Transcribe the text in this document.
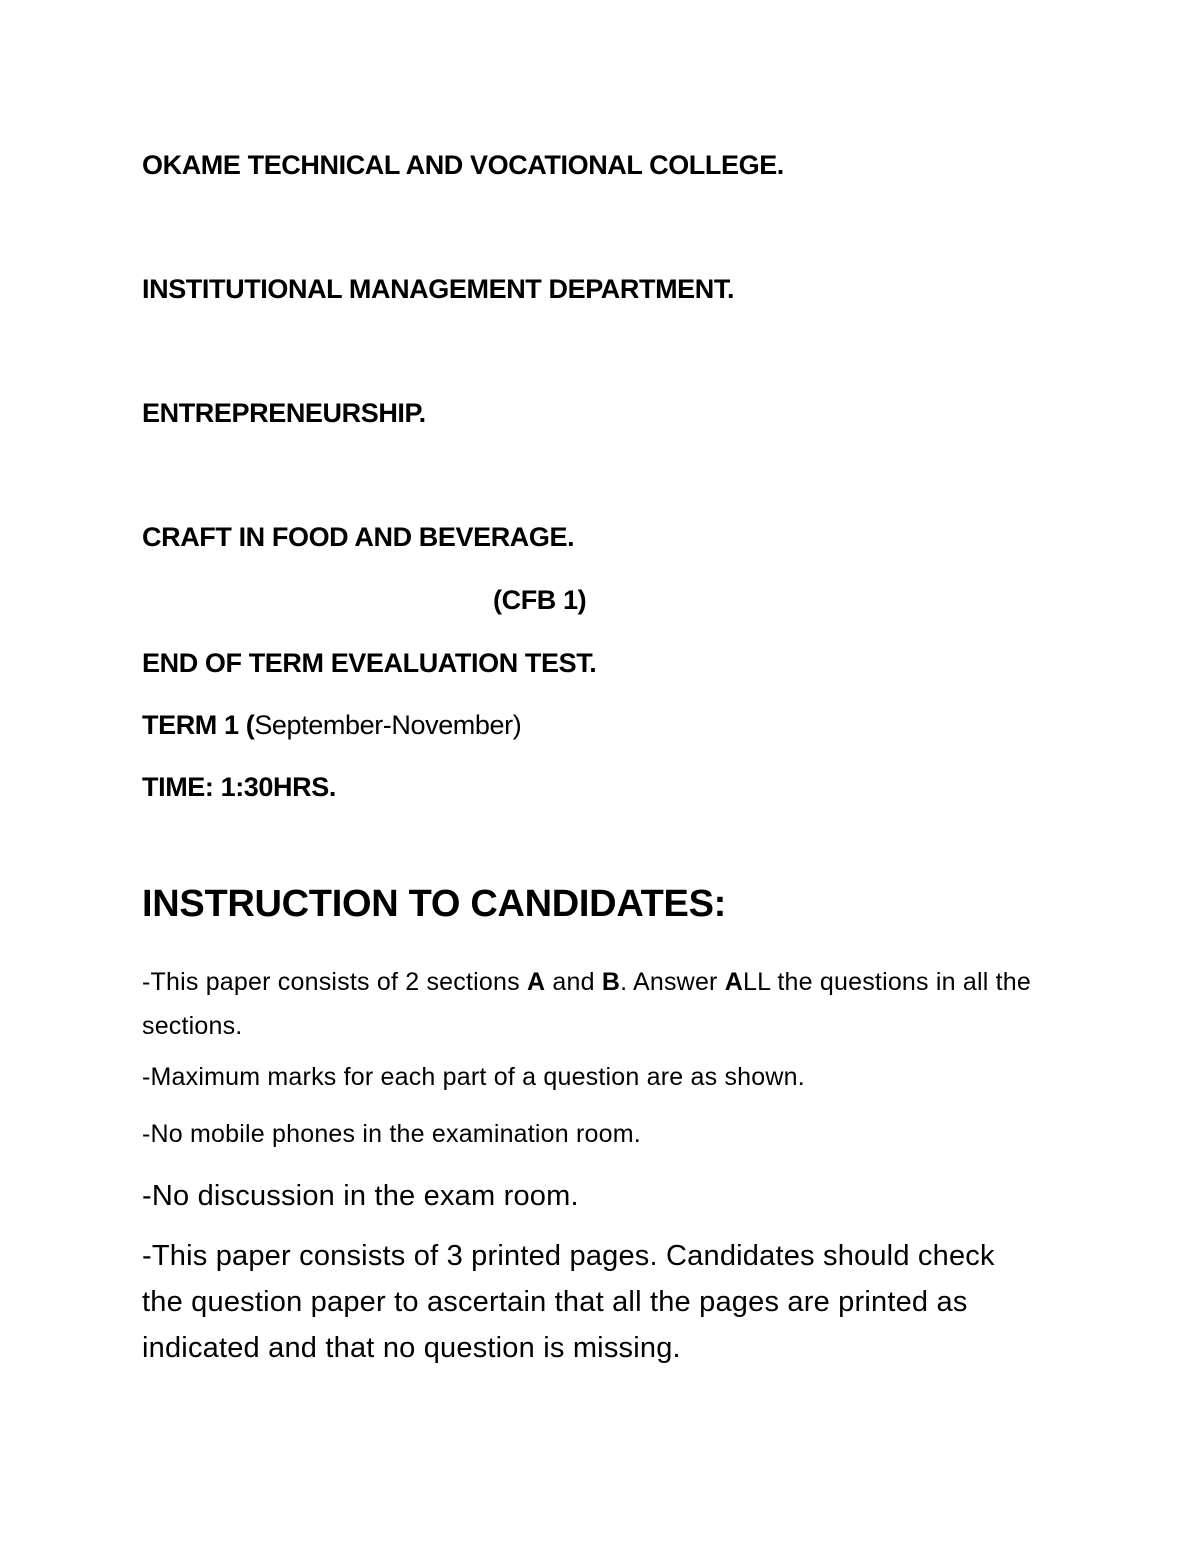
OKAME TECHNICAL AND VOCATIONAL COLLEGE.
INSTITUTIONAL MANAGEMENT DEPARTMENT.
ENTREPRENEURSHIP.
CRAFT IN FOOD AND BEVERAGE.
(CFB 1)
END OF TERM EVEALUATION TEST.
TERM 1 (September-November)
TIME: 1:30HRS.
INSTRUCTION TO CANDIDATES:
-This paper consists of 2 sections A and B. Answer ALL the questions in all the sections.
-Maximum marks for each part of a question are as shown.
-No mobile phones in the examination room.
-No discussion in the exam room.
-This paper consists of 3 printed pages. Candidates should check the question paper to ascertain that all the pages are printed as indicated and that no question is missing.
